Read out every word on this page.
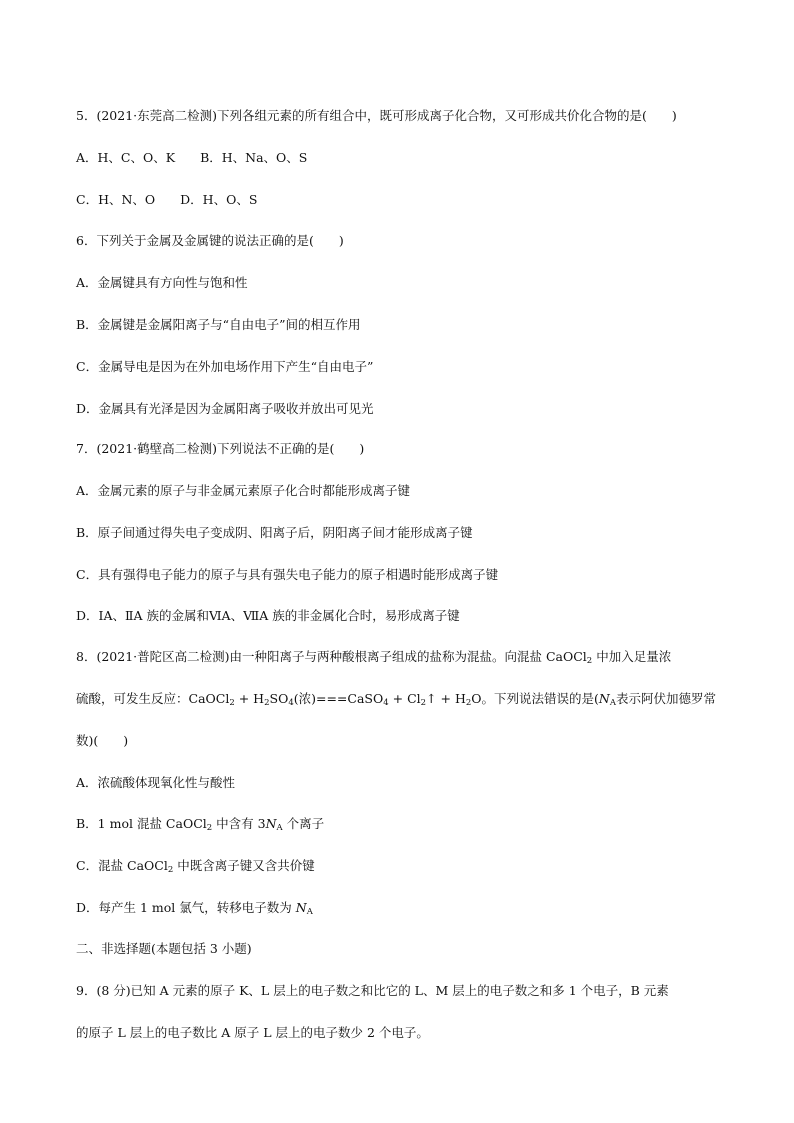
5．(2021·东莞高二检测)下列各组元素的所有组合中，既可形成离子化合物，又可形成共价化合物的是(　　)
A．H、C、O、K　　B．H、Na、O、S
C．H、N、O　　D．H、O、S
6．下列关于金属及金属键的说法正确的是(　　)
A．金属键具有方向性与饱和性
B．金属键是金属阳离子与“自由电子”间的相互作用
C．金属导电是因为在外加电场作用下产生“自由电子”
D．金属具有光泽是因为金属阳离子吸收并放出可见光
7．(2021·鹤壁高二检测)下列说法不正确的是(　　)
A．金属元素的原子与非金属元素原子化合时都能形成离子键
B．原子间通过得失电子变成阴、阳离子后，阴阳离子间才能形成离子键
C．具有强得电子能力的原子与具有强失电子能力的原子相遇时能形成离子键
D．ⅠA、ⅡA 族的金属和ⅥA、ⅦA 族的非金属化合时，易形成离子键
8．(2021·普陀区高二检测)由一种阳离子与两种酸根离子组成的盐称为混盐。向混盐 CaOCl$_2$ 中加入足量浓
硫酸，可发生反应：CaOCl$_2$ + $H_2SO_4$(浓)===CaSO$_4$ + $Cl_2↑ + H_2O$。下列说法错误的是($N_A$表示阿伏加德罗常
数)(　　)
A．浓硫酸体现氧化性与酸性
B．1 mol 混盐 CaOCl$_2$ 中含有 $3N_A$ 个离子
C．混盐 CaOCl$_2$ 中既含离子键又含共价键
D．每产生 1 mol 氯气，转移电子数为 $N_A$
二、非选择题(本题包括 3 小题)
9．(8 分)已知 A 元素的原子 K、L 层上的电子数之和比它的 L、M 层上的电子数之和多 1 个电子，B 元素
的原子 L 层上的电子数比 A 原子 L 层上的电子数少 2 个电子。
